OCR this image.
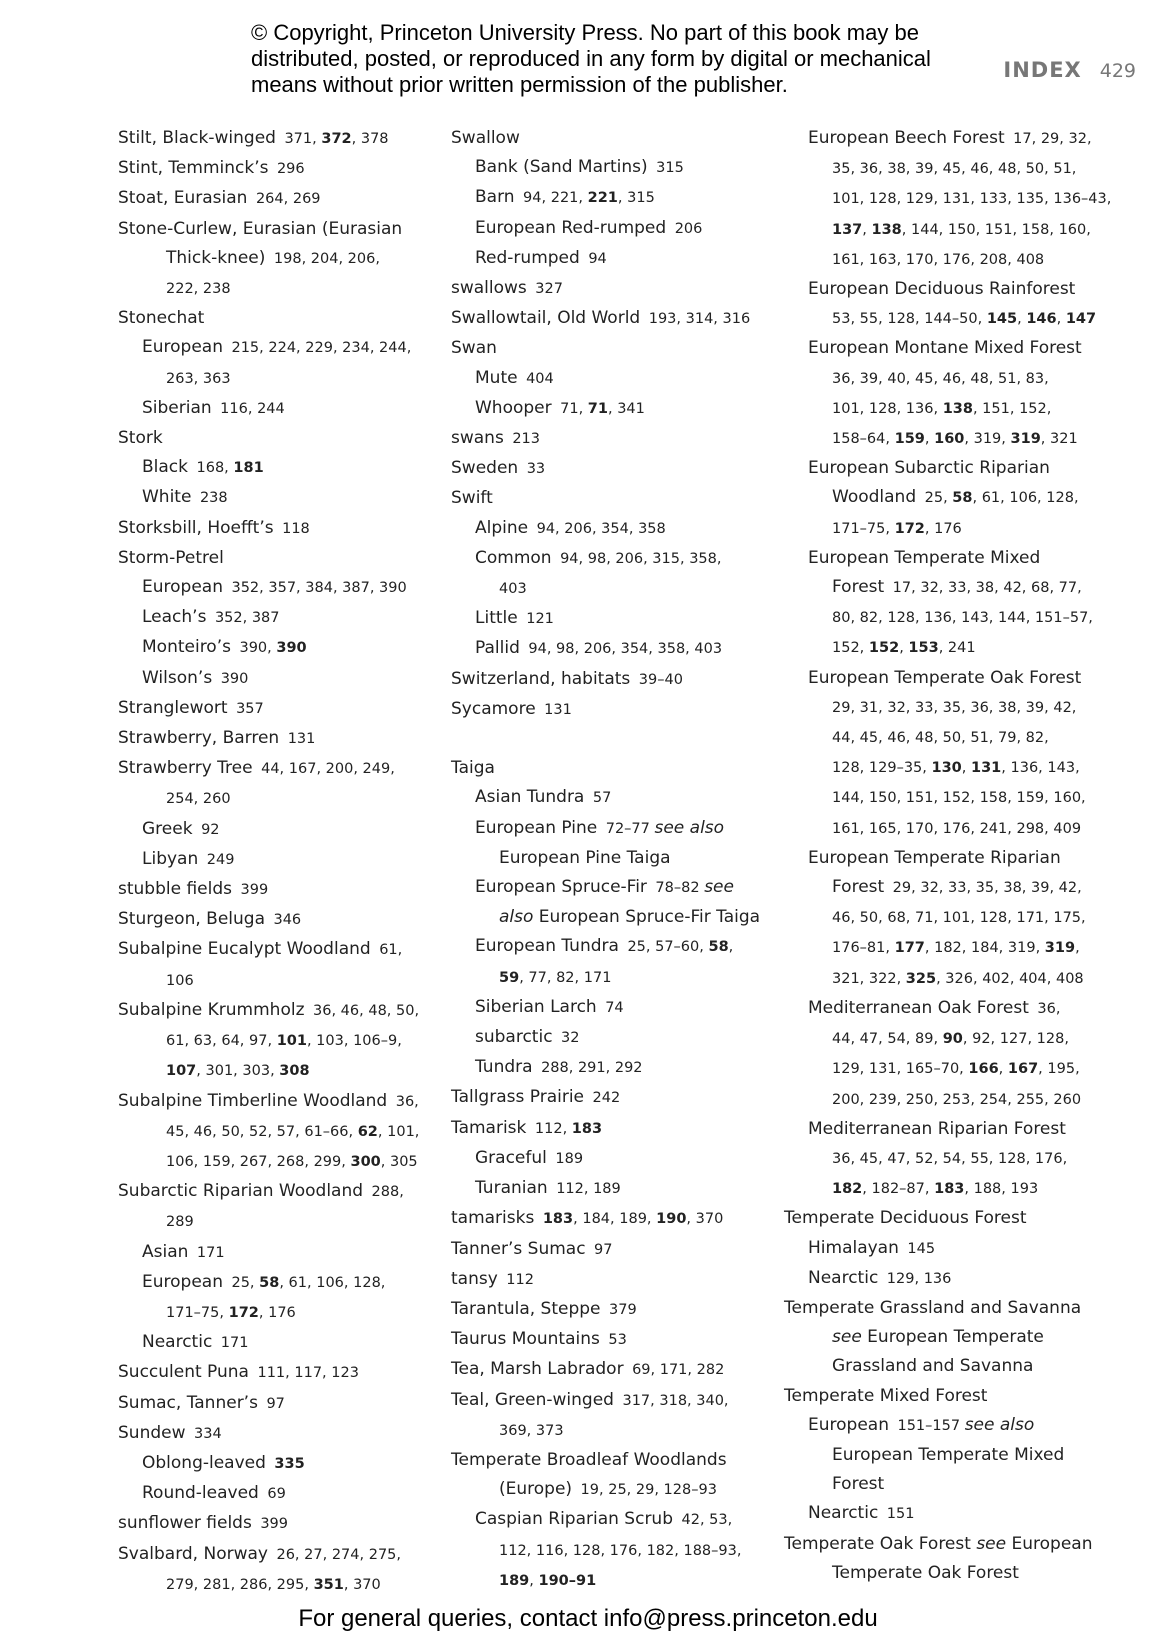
© Copyright, Princeton University Press. No part of this book may be
distributed, posted, or reproduced in any form by digital or mechanical
means without prior written permission of the publisher.
INDEX 429
Stilt, Black-winged  371, 372, 378
Stint, Temminck’s  296
Stoat, Eurasian  264, 269
Stone-Curlew, Eurasian (Eurasian
Thick-knee)  198, 204, 206,
222, 238
Stonechat
European  215, 224, 229, 234, 244,
263, 363
Siberian  116, 244
Stork
Black  168, 181
White  238
Storksbill, Hoefft’s  118
Storm-Petrel
European  352, 357, 384, 387, 390
Leach’s  352, 387
Monteiro’s  390, 390
Wilson’s  390
Stranglewort  357
Strawberry, Barren  131
Strawberry Tree  44, 167, 200, 249,
254, 260
Greek  92
Libyan  249
stubble fields  399
Sturgeon, Beluga  346
Subalpine Eucalypt Woodland  61,
106
Subalpine Krummholz  36, 46, 48, 50,
61, 63, 64, 97, 101, 103, 106–9,
107, 301, 303, 308
Subalpine Timberline Woodland  36,
45, 46, 50, 52, 57, 61–66, 62, 101,
106, 159, 267, 268, 299, 300, 305
Subarctic Riparian Woodland  288,
289
Asian  171
European  25, 58, 61, 106, 128,
171–75, 172, 176
Nearctic  171
Succulent Puna  111, 117, 123
Sumac, Tanner’s  97
Sundew  334
Oblong-leaved  335
Round-leaved  69
sunflower fields  399
Svalbard, Norway  26, 27, 274, 275,
279, 281, 286, 295, 351, 370
Swallow
Bank (Sand Martins)  315
Barn  94, 221, 221, 315
European Red-rumped  206
Red-rumped  94
swallows  327
Swallowtail, Old World  193, 314, 316
Swan
Mute  404
Whooper  71, 71, 341
swans  213
Sweden  33
Swift
Alpine  94, 206, 354, 358
Common  94, 98, 206, 315, 358,
403
Little  121
Pallid  94, 98, 206, 354, 358, 403
Switzerland, habitats  39–40
Sycamore  131
Taiga
Asian Tundra  57
European Pine  72–77 see also
European Pine Taiga
European Spruce-Fir  78–82 see
also European Spruce-Fir Taiga
European Tundra  25, 57–60, 58,
59, 77, 82, 171
Siberian Larch  74
subarctic  32
Tundra  288, 291, 292
Tallgrass Prairie  242
Tamarisk  112, 183
Graceful  189
Turanian  112, 189
tamarisks  183, 184, 189, 190, 370
Tanner’s Sumac  97
tansy  112
Tarantula, Steppe  379
Taurus Mountains  53
Tea, Marsh Labrador  69, 171, 282
Teal, Green-winged  317, 318, 340,
369, 373
Temperate Broadleaf Woodlands
(Europe)  19, 25, 29, 128–93
Caspian Riparian Scrub  42, 53,
112, 116, 128, 176, 182, 188–93,
189, 190–91
European Beech Forest  17, 29, 32,
35, 36, 38, 39, 45, 46, 48, 50, 51,
101, 128, 129, 131, 133, 135, 136–43,
137, 138, 144, 150, 151, 158, 160,
161, 163, 170, 176, 208, 408
European Deciduous Rainforest
53, 55, 128, 144–50, 145, 146, 147
European Montane Mixed Forest
36, 39, 40, 45, 46, 48, 51, 83,
101, 128, 136, 138, 151, 152,
158–64, 159, 160, 319, 319, 321
European Subarctic Riparian
Woodland  25, 58, 61, 106, 128,
171–75, 172, 176
European Temperate Mixed
Forest  17, 32, 33, 38, 42, 68, 77,
80, 82, 128, 136, 143, 144, 151–57,
152, 152, 153, 241
European Temperate Oak Forest
29, 31, 32, 33, 35, 36, 38, 39, 42,
44, 45, 46, 48, 50, 51, 79, 82,
128, 129–35, 130, 131, 136, 143,
144, 150, 151, 152, 158, 159, 160,
161, 165, 170, 176, 241, 298, 409
European Temperate Riparian
Forest  29, 32, 33, 35, 38, 39, 42,
46, 50, 68, 71, 101, 128, 171, 175,
176–81, 177, 182, 184, 319, 319,
321, 322, 325, 326, 402, 404, 408
Mediterranean Oak Forest  36,
44, 47, 54, 89, 90, 92, 127, 128,
129, 131, 165–70, 166, 167, 195,
200, 239, 250, 253, 254, 255, 260
Mediterranean Riparian Forest
36, 45, 47, 52, 54, 55, 128, 176,
182, 182–87, 183, 188, 193
Temperate Deciduous Forest
Himalayan  145
Nearctic  129, 136
Temperate Grassland and Savanna
see European Temperate
Grassland and Savanna
Temperate Mixed Forest
European  151–157 see also
European Temperate Mixed
Forest
Nearctic  151
Temperate Oak Forest see European
Temperate Oak Forest
For general queries, contact info@press.princeton.edu
